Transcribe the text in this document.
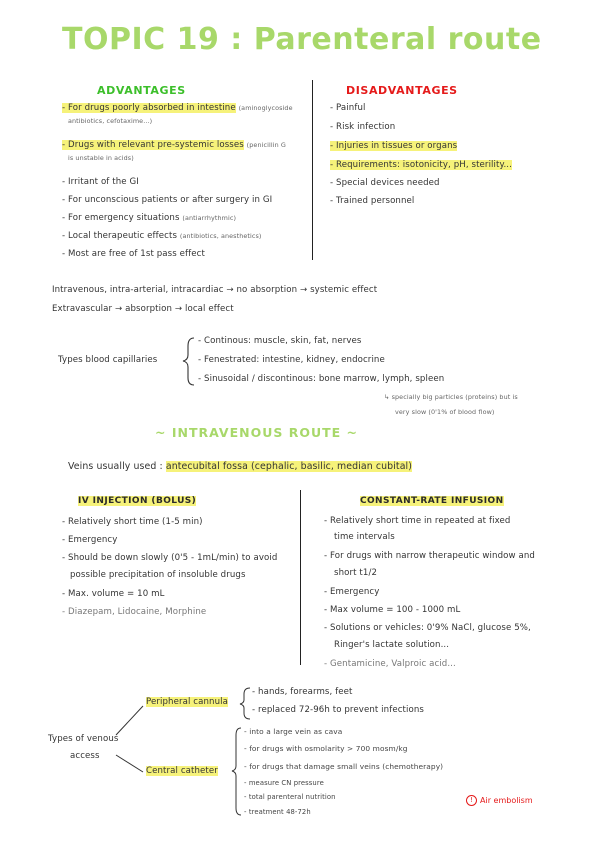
TOPIC 19 : Parenteral route
ADVANTAGES	DISADVANTAGES
- For drugs poorly absorbed in intestine (aminoglycoside
antibiotics, cefotaxime...)
- Drugs with relevant pre-systemic losses (penicillin G
is unstable in acids)
- Irritant of the GI
- For unconscious patients or after surgery in GI
- For emergency situations (antiarrhythmic)
- Local therapeutic effects (antibiotics, anesthetics)
- Most are free of 1st pass effect
- Painful
- Risk infection
- Injuries in tissues or organs
- Requirements: isotonicity, pH, sterility...
- Special devices needed
- Trained personnel
Intravenous, intra-arterial, intracardiac → no absorption → systemic effect
Extravascular → absorption → local effect
Types blood capillaries
- Continous: muscle, skin, fat, nerves
- Fenestrated: intestine, kidney, endocrine
- Sinusoidal / discontinous: bone marrow, lymph, spleen
↳ specially big particles (proteins) but is
very slow (0'1% of blood flow)
~ INTRAVENOUS ROUTE ~
Veins usually used : antecubital fossa (cephalic, basilic, median cubital)
IV INJECTION (BOLUS)	CONSTANT-RATE INFUSION
- Relatively short time (1-5 min)
- Emergency
- Should be down slowly (0'5 - 1mL/min) to avoid
possible precipitation of insoluble drugs
- Max. volume = 10 mL
- Diazepam, Lidocaine, Morphine
- Relatively short time in repeated at fixed
time intervals
- For drugs with narrow therapeutic window and
short t1/2
- Emergency
- Max volume = 100 - 1000 mL
- Solutions or vehicles: 0'9% NaCl, glucose 5%,
Ringer's lactate solution...
- Gentamicine, Valproic acid...
Types of venous
access
Peripheral cannula
- hands, forearms, feet
- replaced 72-96h to prevent infections
Central catheter
- into a large vein as cava
- for drugs with osmolarity > 700 mosm/kg
- for drugs that damage small veins (chemotherapy)
- measure CN pressure
- total parenteral nutrition
- treatment 48-72h
! Air embolism
